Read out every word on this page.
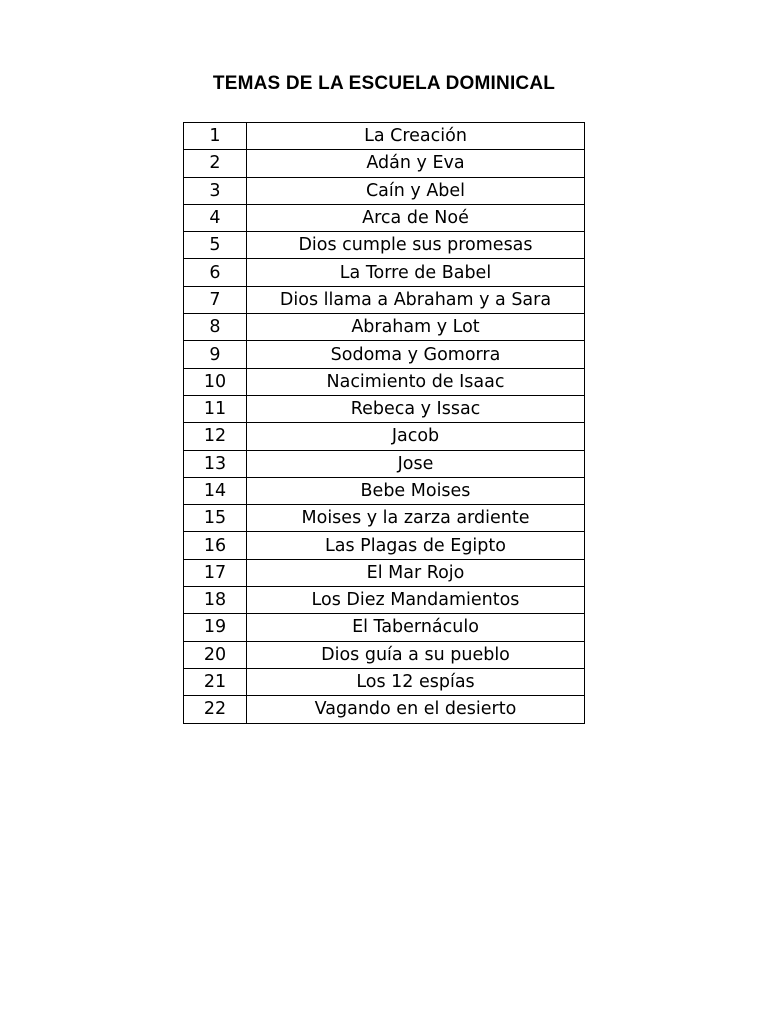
TEMAS DE LA ESCUELA DOMINICAL
1	La Creación
2	Adán y Eva
3	Caín y Abel
4	Arca de Noé
5	Dios cumple sus promesas
6	La Torre de Babel
7	Dios llama a Abraham y a Sara
8	Abraham y Lot
9	Sodoma y Gomorra
10	Nacimiento de Isaac
11	Rebeca y Issac
12	Jacob
13	Jose
14	Bebe Moises
15	Moises y la zarza ardiente
16	Las Plagas de Egipto
17	El Mar Rojo
18	Los Diez Mandamientos
19	El Tabernáculo
20	Dios guía a su pueblo
21	Los 12 espías
22	Vagando en el desierto
